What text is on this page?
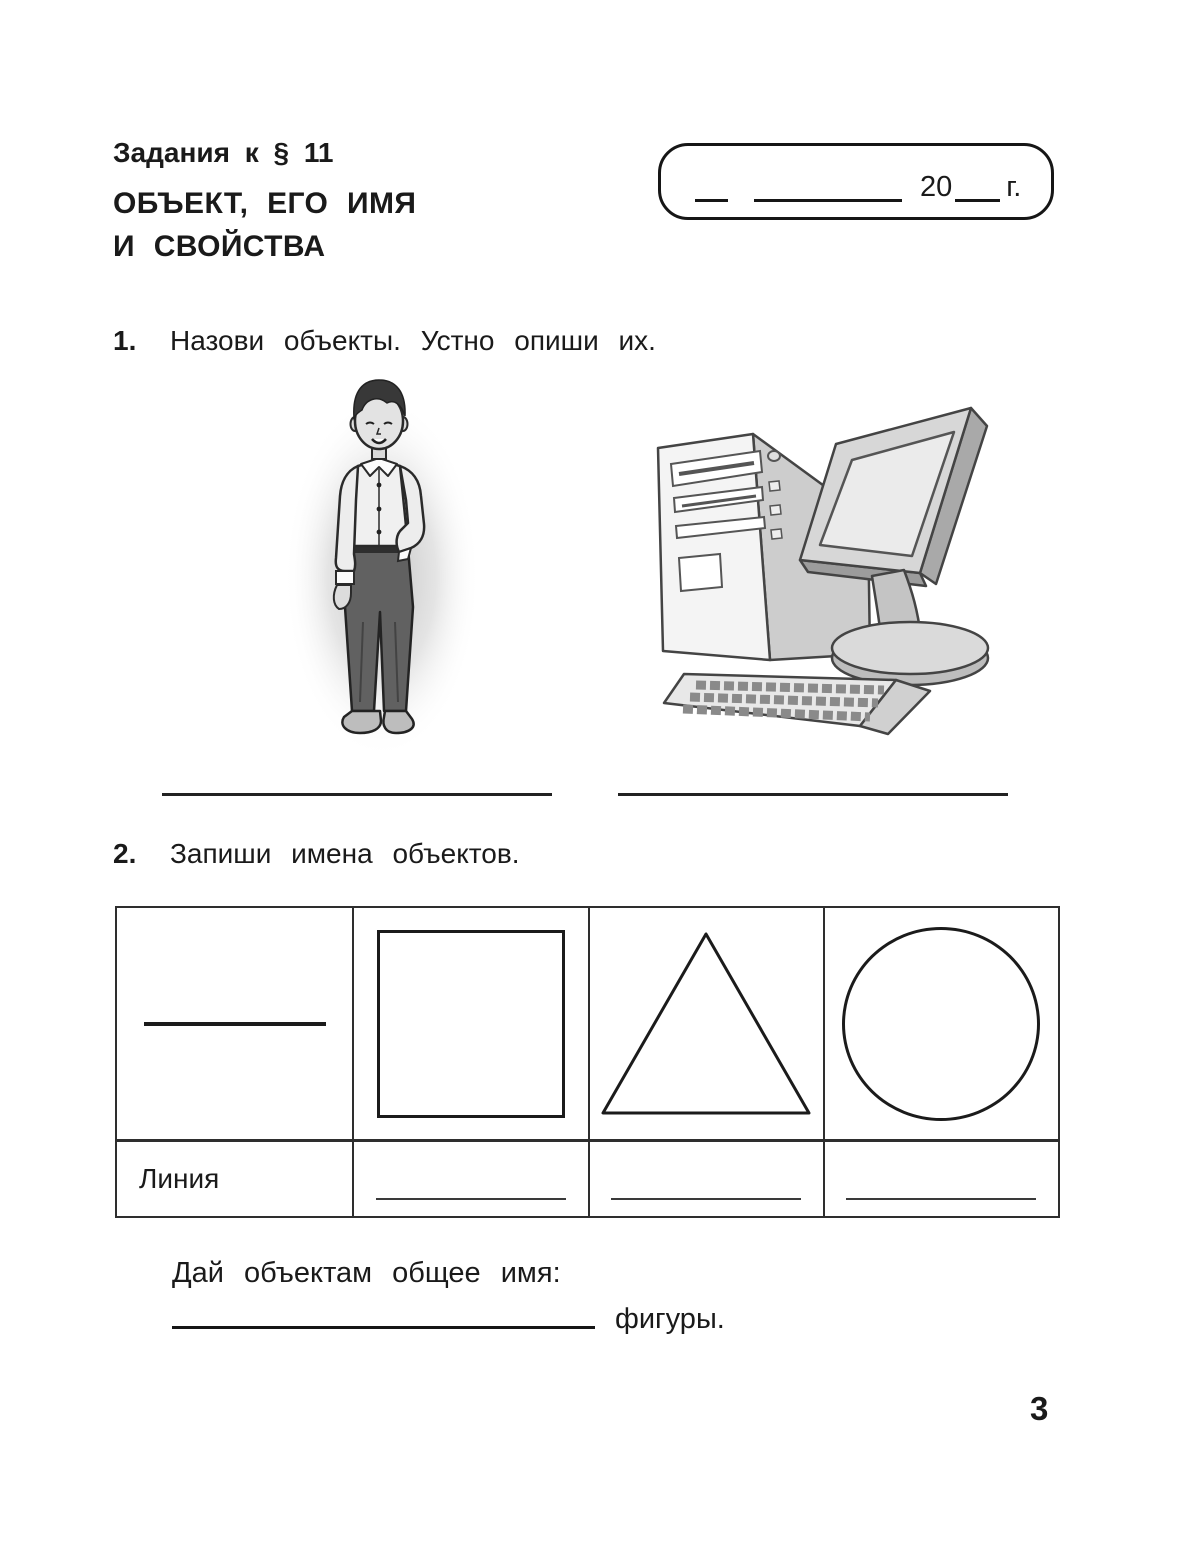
Задания к § 11
ОБЪЕКТ, ЕГО ИМЯ
И СВОЙСТВА
20 г.
1.	Назови объекты. Устно опиши их.
2.	Запиши имена объектов.
Линия
Дай объектам общее имя:
фигуры.
3
